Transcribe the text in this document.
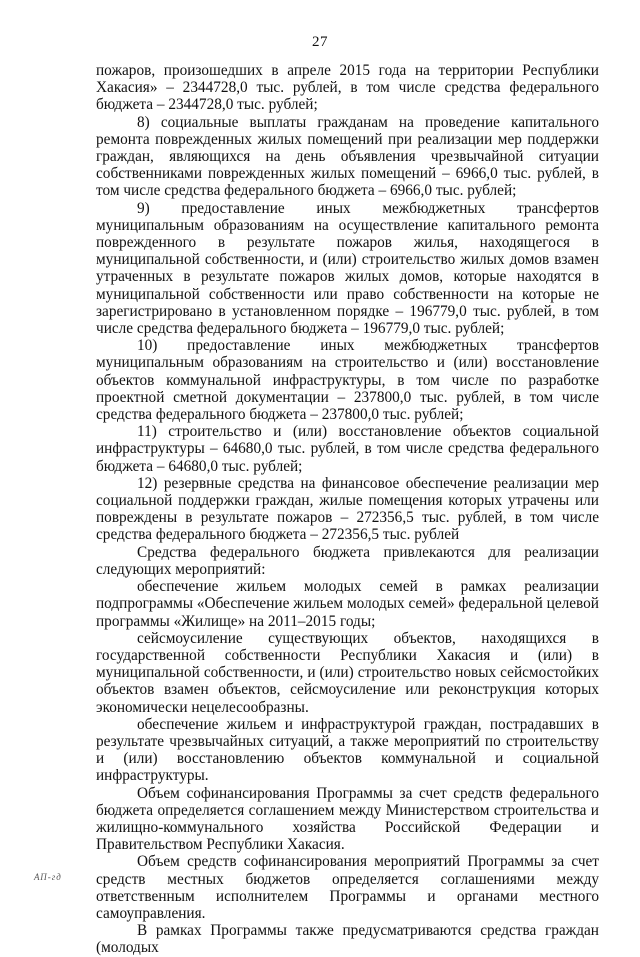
27

пожаров, произошедших в апреле 2015 года на территории Республики Хакасия» – 2344728,0 тыс. рублей, в том числе средства федерального бюджета – 2344728,0 тыс. рублей;

8) социальные выплаты гражданам на проведение капитального ремонта поврежденных жилых помещений при реализации мер поддержки граждан, являющихся на день объявления чрезвычайной ситуации собственниками поврежденных жилых помещений – 6966,0 тыс. рублей, в том числе средства федерального бюджета – 6966,0 тыс. рублей;

9) предоставление иных межбюджетных трансфертов муниципальным образованиям на осуществление капитального ремонта поврежденного в результате пожаров жилья, находящегося в муниципальной собственности, и (или) строительство жилых домов взамен утраченных в результате пожаров жилых домов, которые находятся в муниципальной собственности или право собственности на которые не зарегистрировано в установленном порядке – 196779,0 тыс. рублей, в том числе средства федерального бюджета – 196779,0 тыс. рублей;

10) предоставление иных межбюджетных трансфертов муниципальным образованиям на строительство и (или) восстановление объектов коммунальной инфраструктуры, в том числе по разработке проектной сметной документации – 237800,0 тыс. рублей, в том числе средства федерального бюджета – 237800,0 тыс. рублей;

11) строительство и (или) восстановление объектов социальной инфраструктуры – 64680,0 тыс. рублей, в том числе средства федерального бюджета – 64680,0 тыс. рублей;

12) резервные средства на финансовое обеспечение реализации мер социальной поддержки граждан, жилые помещения которых утрачены или повреждены в результате пожаров – 272356,5 тыс. рублей, в том числе средства федерального бюджета – 272356,5 тыс. рублей

Средства федерального бюджета привлекаются для реализации следующих мероприятий:

обеспечение жильем молодых семей в рамках реализации подпрограммы «Обеспечение жильем молодых семей» федеральной целевой программы «Жилище» на 2011–2015 годы;

сейсмоусиление существующих объектов, находящихся в государственной собственности Республики Хакасия и (или) в муниципальной собственности, и (или) строительство новых сейсмостойких объектов взамен объектов, сейсмоусиление или реконструкция которых экономически нецелесообразны.

обеспечение жильем и инфраструктурой граждан, пострадавших в результате чрезвычайных ситуаций, а также мероприятий по строительству и (или) восстановлению объектов коммунальной и социальной инфраструктуры.

Объем софинансирования Программы за счет средств федерального бюджета определяется соглашением между Министерством строительства и жилищно-коммунального хозяйства Российской Федерации и Правительством Республики Хакасия.

Объем средств софинансирования мероприятий Программы за счет средств местных бюджетов определяется соглашениями между ответственным исполнителем Программы и органами местного самоуправления.

В рамках Программы также предусматриваются средства граждан (молодых

АП-гд
